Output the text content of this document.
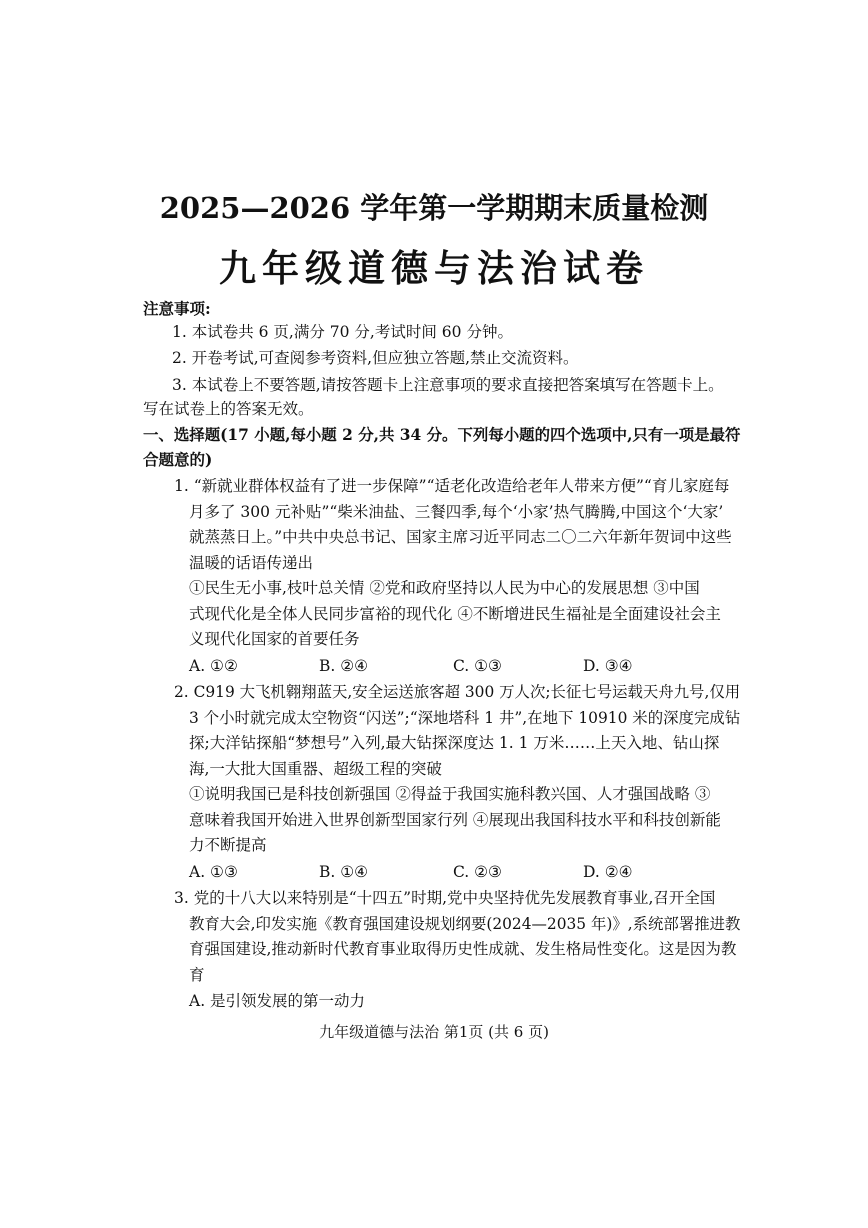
2025—2026 学年第一学期期末质量检测
九年级道德与法治试卷
注意事项:
1. 本试卷共 6 页,满分 70 分,考试时间 60 分钟。
2. 开卷考试,可查阅参考资料,但应独立答题,禁止交流资料。
3. 本试卷上不要答题,请按答题卡上注意事项的要求直接把答案填写在答题卡上。
写在试卷上的答案无效。
一、选择题(17 小题,每小题 2 分,共 34 分。下列每小题的四个选项中,只有一项是最符
合题意的)
1. “新就业群体权益有了进一步保障”“适老化改造给老年人带来方便”“育儿家庭每
月多了 300 元补贴”“柴米油盐、三餐四季,每个‘小家’热气腾腾,中国这个‘大家’
就蒸蒸日上。”中共中央总书记、国家主席习近平同志二〇二六年新年贺词中这些
温暖的话语传递出
①民生无小事,枝叶总关情 ②党和政府坚持以人民为中心的发展思想 ③中国
式现代化是全体人民同步富裕的现代化 ④不断增进民生福祉是全面建设社会主
义现代化国家的首要任务
A. ①②	B. ②④	C. ①③	D. ③④
2. C919 大飞机翱翔蓝天,安全运送旅客超 300 万人次;长征七号运载天舟九号,仅用
3 个小时就完成太空物资“闪送”;“深地塔科 1 井”,在地下 10910 米的深度完成钻
探;大洋钻探船“梦想号”入列,最大钻探深度达 1. 1 万米……上天入地、钻山探
海,一大批大国重器、超级工程的突破
①说明我国已是科技创新强国 ②得益于我国实施科教兴国、人才强国战略 ③
意味着我国开始进入世界创新型国家行列 ④展现出我国科技水平和科技创新能
力不断提高
A. ①③	B. ①④	C. ②③	D. ②④
3. 党的十八大以来特别是“十四五”时期,党中央坚持优先发展教育事业,召开全国
教育大会,印发实施《教育强国建设规划纲要(2024—2035 年)》,系统部署推进教
育强国建设,推动新时代教育事业取得历史性成就、发生格局性变化。这是因为教
育
A. 是引领发展的第一动力
九年级道德与法治 第1页 (共 6 页)
